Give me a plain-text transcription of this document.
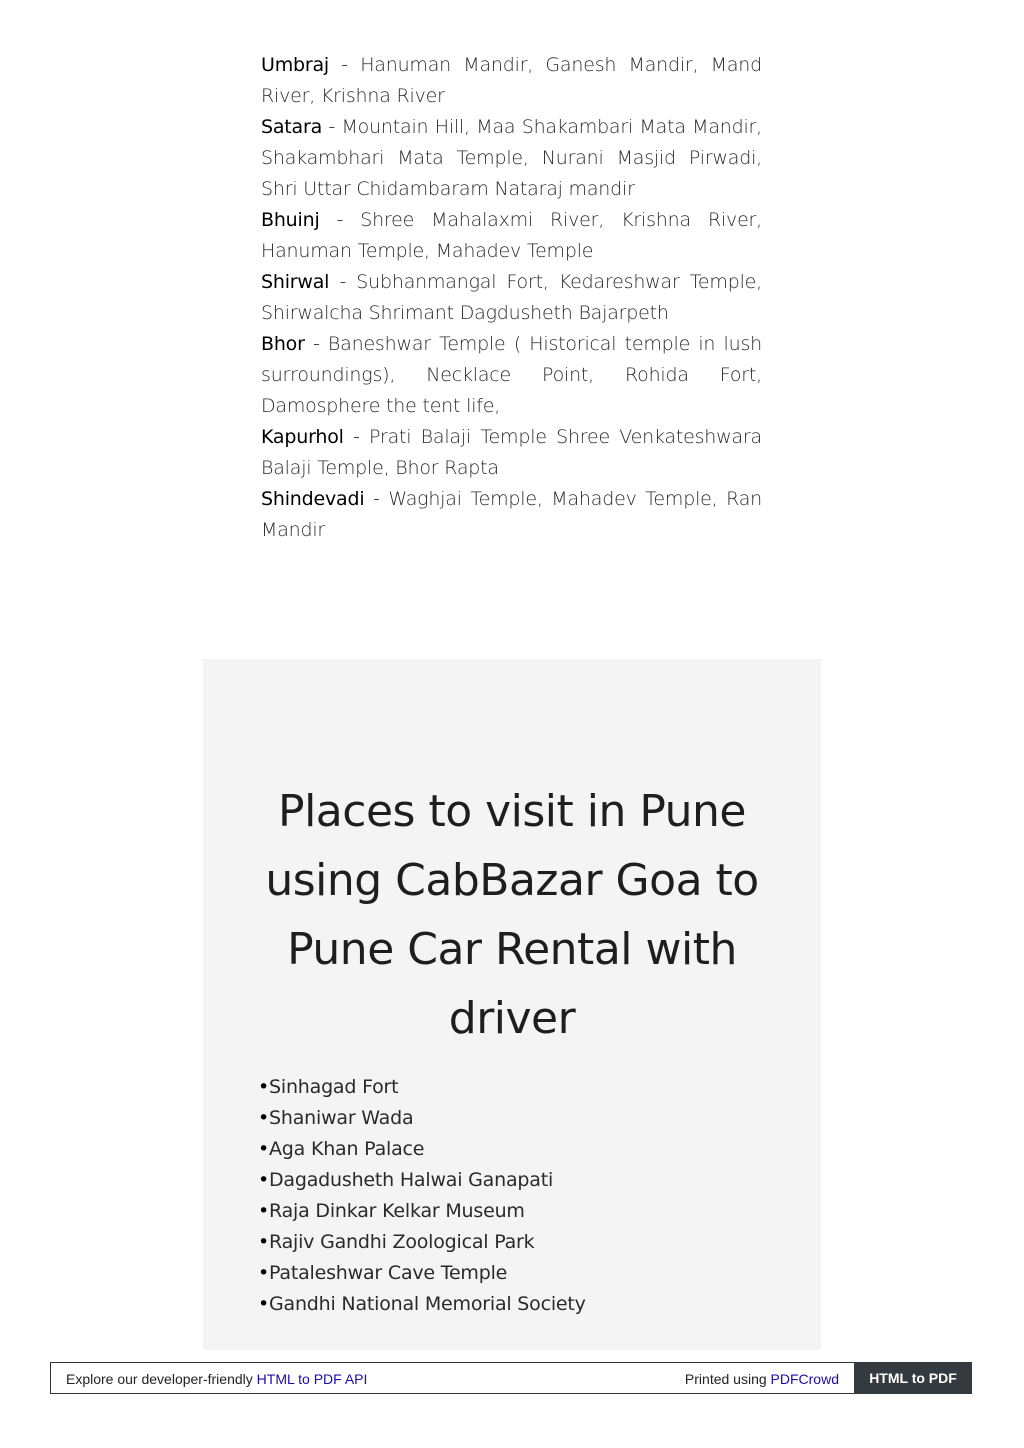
Umbraj - Hanuman Mandir, Ganesh Mandir, Mand River, Krishna River

Satara - Mountain Hill, Maa Shakambari Mata Mandir, Shakambhari Mata Temple, Nurani Masjid Pirwadi, Shri Uttar Chidambaram Nataraj mandir

Bhuinj - Shree Mahalaxmi River, Krishna River, Hanuman Temple, Mahadev Temple

Shirwal - Subhanmangal Fort, Kedareshwar Temple, Shirwalcha Shrimant Dagdusheth Bajarpeth

Bhor - Baneshwar Temple ( Historical temple in lush surroundings), Necklace Point, Rohida Fort, Damosphere the tent life,

Kapurhol - Prati Balaji Temple Shree Venkateshwara Balaji Temple, Bhor Rapta

Shindevadi - Waghjai Temple, Mahadev Temple, Ran Mandir

Places to visit in Pune using CabBazar Goa to Pune Car Rental with driver
•Sinhagad Fort
•Shaniwar Wada
•Aga Khan Palace
•Dagadusheth Halwai Ganapati
•Raja Dinkar Kelkar Museum
•Rajiv Gandhi Zoological Park
•Pataleshwar Cave Temple
•Gandhi National Memorial Society
Explore our developer-friendly HTML to PDF API	Printed using PDFCrowd	HTML to PDF
